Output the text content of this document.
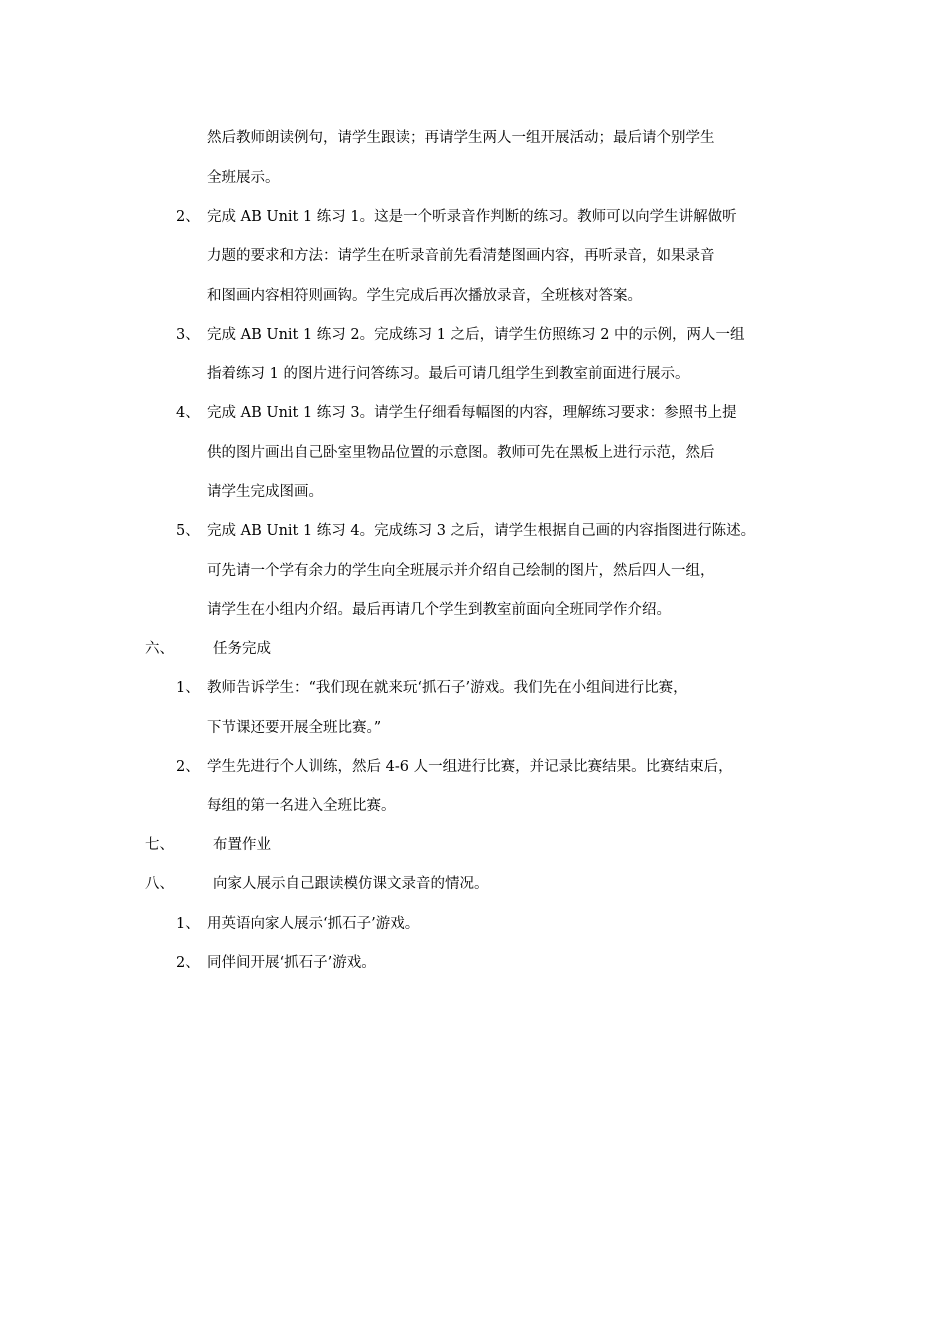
然后教师朗读例句，请学生跟读；再请学生两人一组开展活动；最后请个别学生
全班展示。
2、 完成 AB Unit 1 练习 1。这是一个听录音作判断的练习。教师可以向学生讲解做听
力题的要求和方法：请学生在听录音前先看清楚图画内容，再听录音，如果录音
和图画内容相符则画钩。学生完成后再次播放录音，全班核对答案。
3、 完成 AB Unit 1 练习 2。完成练习 1 之后，请学生仿照练习 2 中的示例，两人一组
指着练习 1 的图片进行问答练习。最后可请几组学生到教室前面进行展示。
4、 完成 AB Unit 1 练习 3。请学生仔细看每幅图的内容，理解练习要求：参照书上提
供的图片画出自己卧室里物品位置的示意图。教师可先在黑板上进行示范，然后
请学生完成图画。
5、 完成 AB Unit 1 练习 4。完成练习 3 之后，请学生根据自己画的内容指图进行陈述。
可先请一个学有余力的学生向全班展示并介绍自己绘制的图片，然后四人一组，
请学生在小组内介绍。最后再请几个学生到教室前面向全班同学作介绍。
六、	任务完成
1、 教师告诉学生：“我们现在就来玩‘抓石子’游戏。我们先在小组间进行比赛，
下节课还要开展全班比赛。”
2、 学生先进行个人训练，然后 4-6 人一组进行比赛，并记录比赛结果。比赛结束后，
每组的第一名进入全班比赛。
七、	布置作业
八、	向家人展示自己跟读模仿课文录音的情况。
1、 用英语向家人展示‘抓石子’游戏。
2、 同伴间开展‘抓石子’游戏。
